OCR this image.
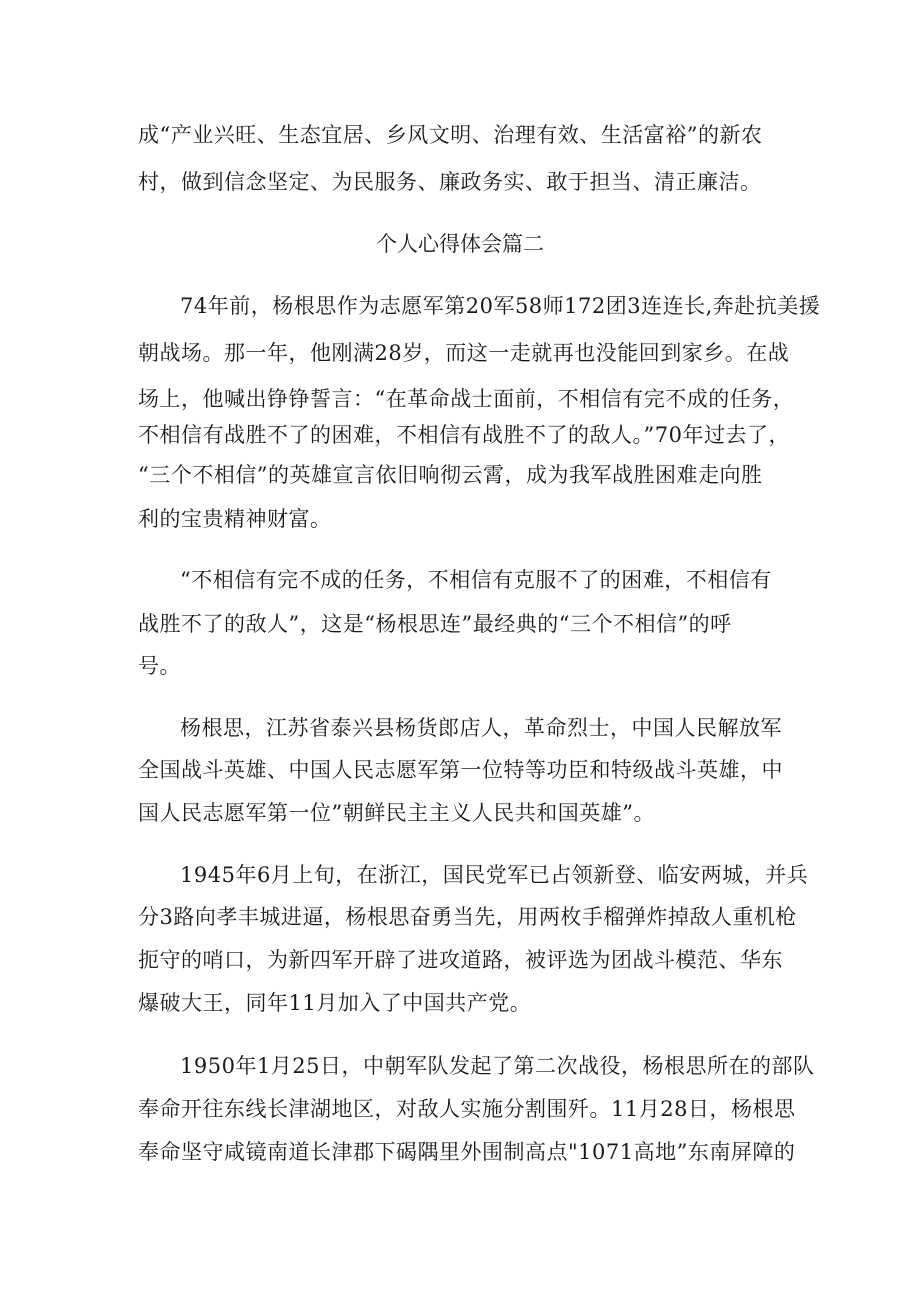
成“产业兴旺、生态宜居、乡风文明、治理有效、生活富裕”的新农
村，做到信念坚定、为民服务、廉政务实、敢于担当、清正廉洁。
个人心得体会篇二
74年前，杨根思作为志愿军第20军58师172团3连连长,奔赴抗美援
朝战场。那一年，他刚满28岁，而这一走就再也没能回到家乡。在战
场上，他喊出铮铮誓言：“在革命战士面前，不相信有完不成的任务，
不相信有战胜不了的困难，不相信有战胜不了的敌人。”70年过去了，
“三个不相信”的英雄宣言依旧响彻云霄，成为我军战胜困难走向胜
利的宝贵精神财富。
“不相信有完不成的任务，不相信有克服不了的困难，不相信有
战胜不了的敌人”，这是“杨根思连”最经典的“三个不相信”的呼
号。
杨根思，江苏省泰兴县杨货郎店人，革命烈士，中国人民解放军
全国战斗英雄、中国人民志愿军第一位特等功臣和特级战斗英雄，中
国人民志愿军第一位”朝鲜民主主义人民共和国英雄”。
1945年6月上旬，在浙江，国民党军已占领新登、临安两城，并兵
分3路向孝丰城进逼，杨根思奋勇当先，用两枚手榴弹炸掉敌人重机枪
扼守的哨口，为新四军开辟了进攻道路，被评选为团战斗模范、华东
爆破大王，同年11月加入了中国共产党。
1950年1月25日，中朝军队发起了第二次战役，杨根思所在的部队
奉命开往东线长津湖地区，对敌人实施分割围歼。11月28日，杨根思
奉命坚守咸镜南道长津郡下碣隅里外围制高点"1071高地”东南屏障的
